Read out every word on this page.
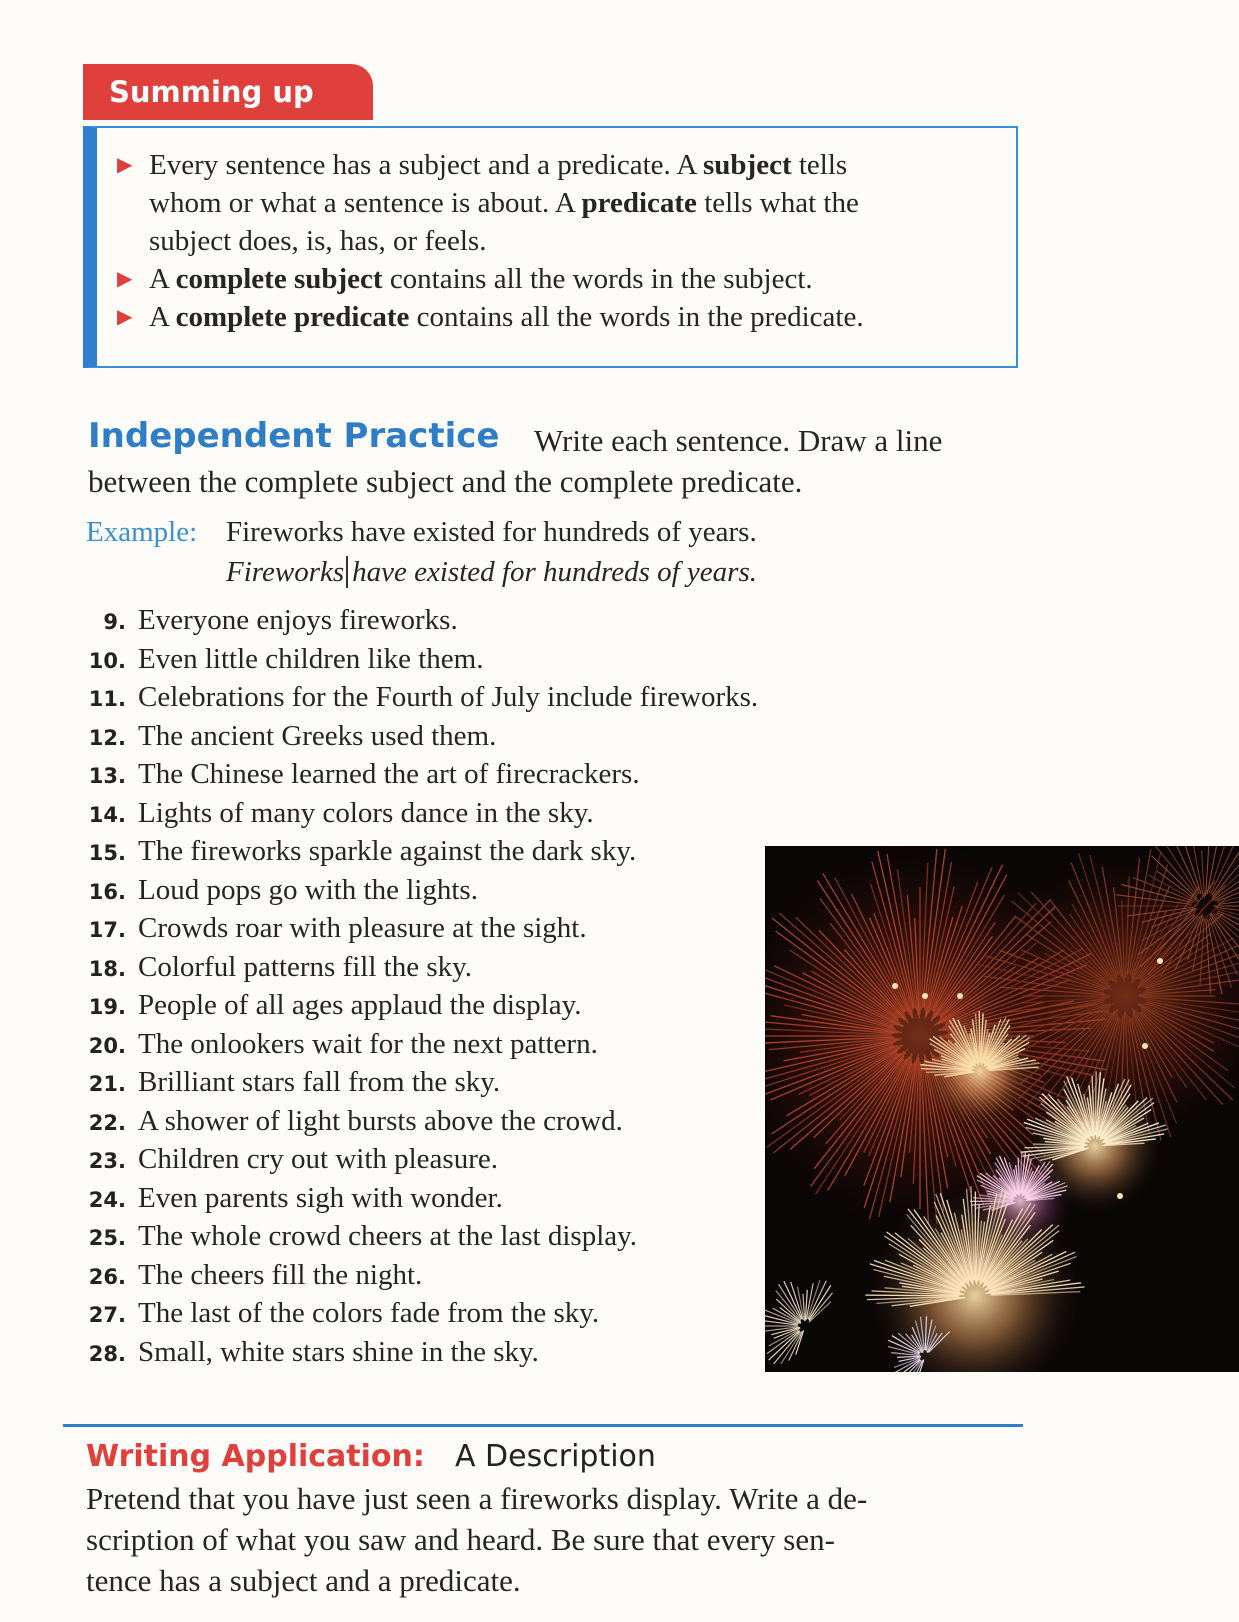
Summing up
▶ Every sentence has a subject and a predicate. A subject tells
whom or what a sentence is about. A predicate tells what the
subject does, is, has, or feels.
▶ A complete subject contains all the words in the subject.
▶ A complete predicate contains all the words in the predicate.
Independent Practice Write each sentence. Draw a line
between the complete subject and the complete predicate.
Example: Fireworks have existed for hundreds of years.
Fireworks have existed for hundreds of years.
9. Everyone enjoys fireworks.
10. Even little children like them.
11. Celebrations for the Fourth of July include fireworks.
12. The ancient Greeks used them.
13. The Chinese learned the art of firecrackers.
14. Lights of many colors dance in the sky.
15. The fireworks sparkle against the dark sky.
16. Loud pops go with the lights.
17. Crowds roar with pleasure at the sight.
18. Colorful patterns fill the sky.
19. People of all ages applaud the display.
20. The onlookers wait for the next pattern.
21. Brilliant stars fall from the sky.
22. A shower of light bursts above the crowd.
23. Children cry out with pleasure.
24. Even parents sigh with wonder.
25. The whole crowd cheers at the last display.
26. The cheers fill the night.
27. The last of the colors fade from the sky.
28. Small, white stars shine in the sky.
Writing Application: A Description
Pretend that you have just seen a fireworks display. Write a de-
scription of what you saw and heard. Be sure that every sen-
tence has a subject and a predicate.
